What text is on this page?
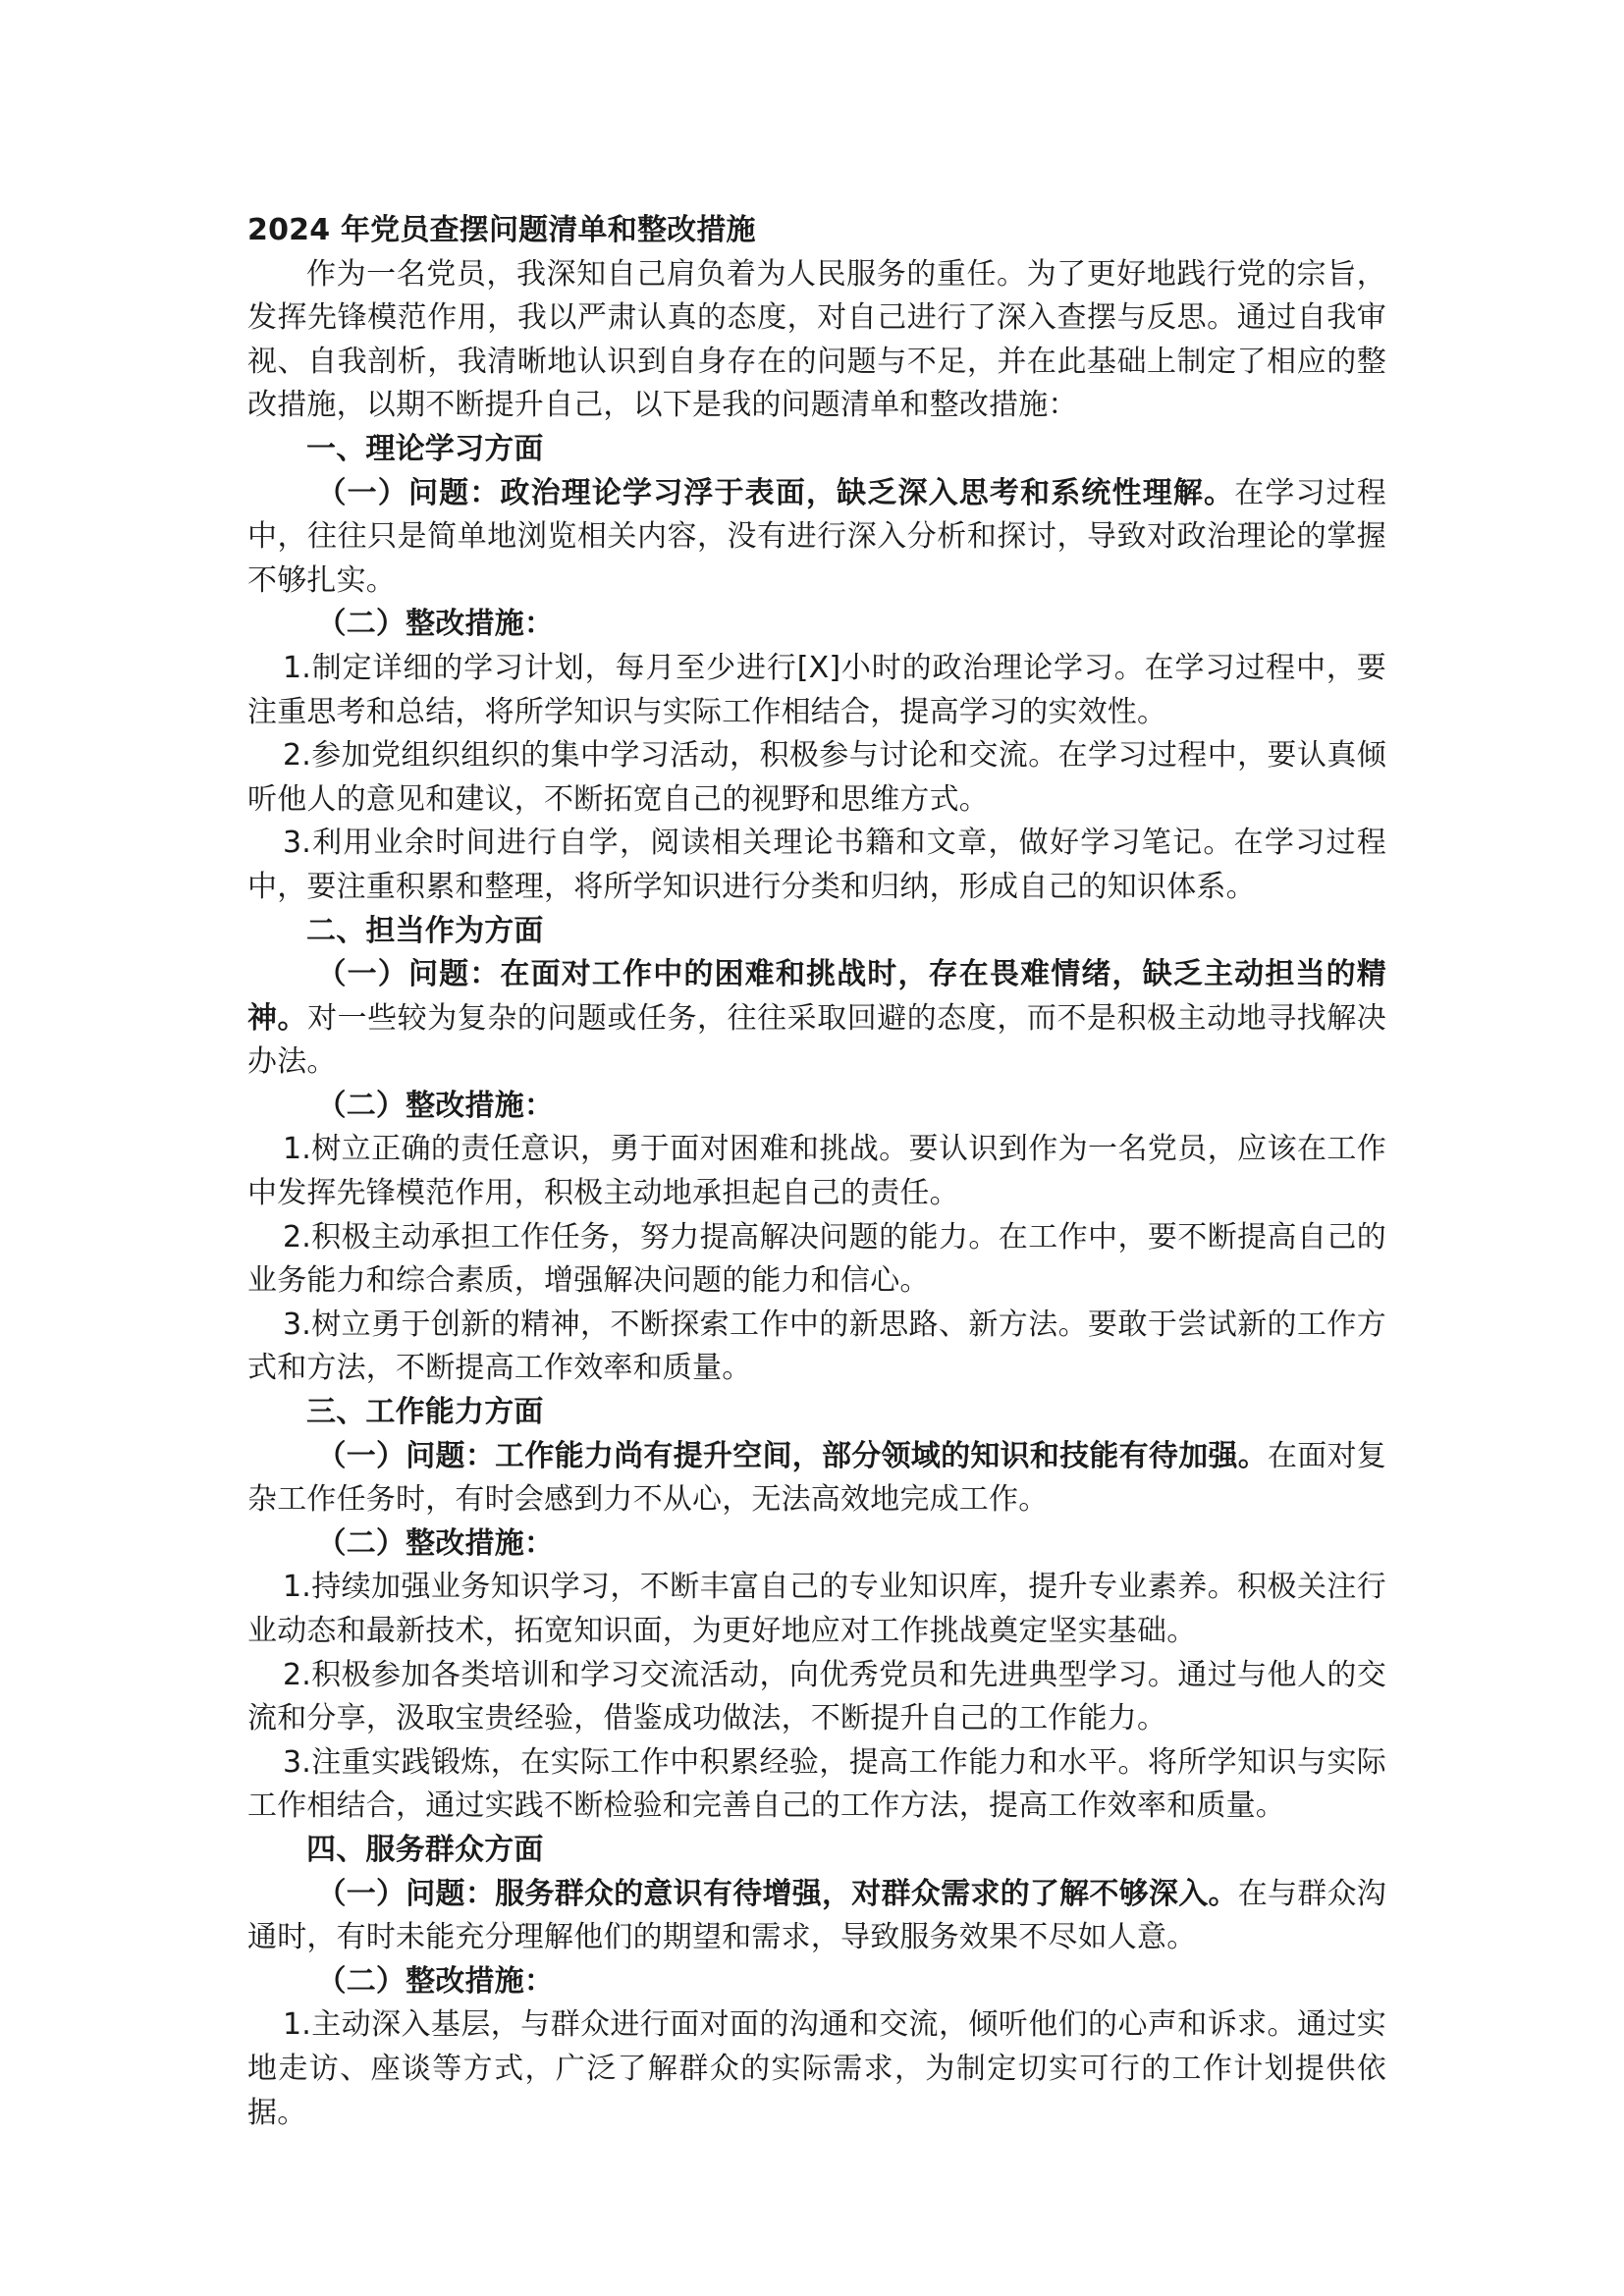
2024 年党员查摆问题清单和整改措施

作为一名党员，我深知自己肩负着为人民服务的重任。为了更好地践行党的宗旨，发挥先锋模范作用，我以严肃认真的态度，对自己进行了深入查摆与反思。通过自我审视、自我剖析，我清晰地认识到自身存在的问题与不足，并在此基础上制定了相应的整改措施，以期不断提升自己，以下是我的问题清单和整改措施：

一、理论学习方面

（一）问题：政治理论学习浮于表面，缺乏深入思考和系统性理解。在学习过程中，往往只是简单地浏览相关内容，没有进行深入分析和探讨，导致对政治理论的掌握不够扎实。

（二）整改措施：

1.制定详细的学习计划，每月至少进行[X]小时的政治理论学习。在学习过程中，要注重思考和总结，将所学知识与实际工作相结合，提高学习的实效性。

2.参加党组织组织的集中学习活动，积极参与讨论和交流。在学习过程中，要认真倾听他人的意见和建议，不断拓宽自己的视野和思维方式。

3.利用业余时间进行自学，阅读相关理论书籍和文章，做好学习笔记。在学习过程中，要注重积累和整理，将所学知识进行分类和归纳，形成自己的知识体系。

二、担当作为方面

（一）问题：在面对工作中的困难和挑战时，存在畏难情绪，缺乏主动担当的精神。对一些较为复杂的问题或任务，往往采取回避的态度，而不是积极主动地寻找解决办法。

（二）整改措施：

1.树立正确的责任意识，勇于面对困难和挑战。要认识到作为一名党员，应该在工作中发挥先锋模范作用，积极主动地承担起自己的责任。

2.积极主动承担工作任务，努力提高解决问题的能力。在工作中，要不断提高自己的业务能力和综合素质，增强解决问题的能力和信心。

3.树立勇于创新的精神，不断探索工作中的新思路、新方法。要敢于尝试新的工作方式和方法，不断提高工作效率和质量。

三、工作能力方面

（一）问题：工作能力尚有提升空间，部分领域的知识和技能有待加强。在面对复杂工作任务时，有时会感到力不从心，无法高效地完成工作。

（二）整改措施：

1.持续加强业务知识学习，不断丰富自己的专业知识库，提升专业素养。积极关注行业动态和最新技术，拓宽知识面，为更好地应对工作挑战奠定坚实基础。

2.积极参加各类培训和学习交流活动，向优秀党员和先进典型学习。通过与他人的交流和分享，汲取宝贵经验，借鉴成功做法，不断提升自己的工作能力。

3.注重实践锻炼，在实际工作中积累经验，提高工作能力和水平。将所学知识与实际工作相结合，通过实践不断检验和完善自己的工作方法，提高工作效率和质量。

四、服务群众方面

（一）问题：服务群众的意识有待增强，对群众需求的了解不够深入。在与群众沟通时，有时未能充分理解他们的期望和需求，导致服务效果不尽如人意。

（二）整改措施：

1.主动深入基层，与群众进行面对面的沟通和交流，倾听他们的心声和诉求。通过实地走访、座谈等方式，广泛了解群众的实际需求，为制定切实可行的工作计划提供依据。
